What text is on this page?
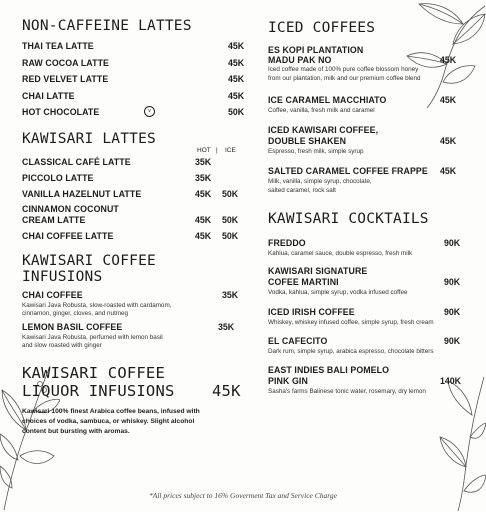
NON-CAFFEINE LATTES
THAI TEA LATTE	45K
RAW COCOA LATTE	45K
RED VELVET LATTE	45K
CHAI LATTE	45K
HOT CHOCOLATE	v	50K
KAWISARI LATTES
HOT | ICE
CLASSICAL CAFÉ LATTE	35K
PICCOLO LATTE	35K
VANILLA HAZELNUT LATTE	45K 50K
CINNAMON COCONUT
CREAM LATTE	45K 50K
CHAI COFFEE LATTE	45K 50K
KAWISARI COFFEE
INFUSIONS
CHAI COFFEE	35K
Kawisari Java Robusta, slow-roasted with cardamom,
cinnamon, ginger, cloves, and nutmeg
LEMON BASIL COFFEE	35K
Kawisari Java Robusta, perfumed with lemon basil
and slow roasted with ginger
KAWISARI COFFEE
LIQUOR INFUSIONS 45K
Kawisari 100% finest Arabica coffee beans, infused with
choices of vodka, sambuca, or whiskey. Slight alcohol
content but bursting with aromas.
ICED COFFEES
ES KOPI PLANTATION
MADU PAK NO	45K
Iced coffee made of 100% pure coffee blossom honey
from our plantation, milk and our premium coffee blend
ICE CARAMEL MACCHIATO	45K
Coffee, vanilla, fresh milk and caramel
ICED KAWISARI COFFEE,
DOUBLE SHAKEN	45K
Espresso, fresh milk, simple syrup
SALTED CARAMEL COFFEE FRAPPE 45K
Milk, vanilla, simple syrup, chocolate,
salted caramel, rock salt
KAWISARI COCKTAILS
FREDDO	90K
Kahlua, caramel sauce, double espresso, fresh milk
KAWISARI SIGNATURE
COFEE MARTINI	90K
Vodka, kahlua, simple syrup, vodka infused coffee
ICED IRISH COFFEE	90K
Whiskey, whiskey infused coffee, simple syrup, fresh cream
EL CAFECITO	90K
Dark rum, simple syrup, arabica espresso, chocolate bitters
EAST INDIES BALI POMELO
PINK GIN	140K
Sasha's farms Balinese tonic water, rosemary, dry lemon
*All prices subject to 16% Goverment Tax and Service Charge
